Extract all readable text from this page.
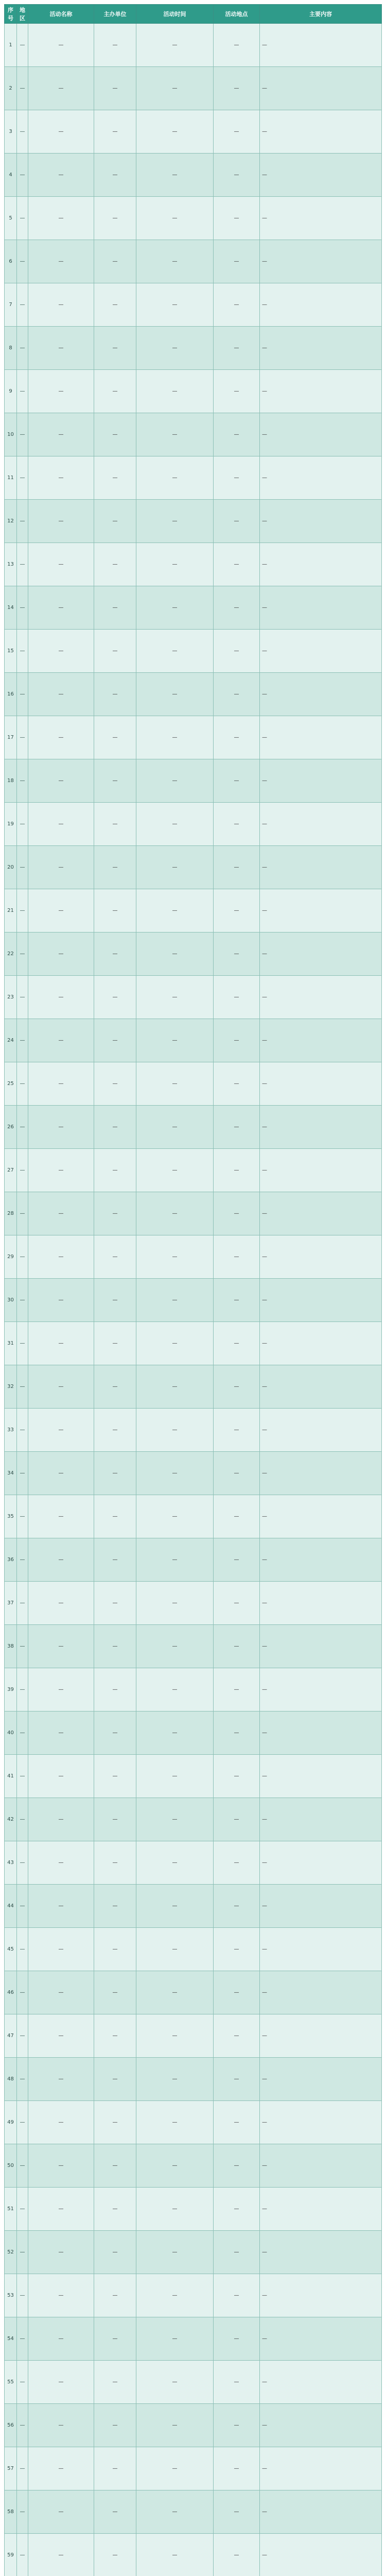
序号	地区	活动名称	主办单位	活动时间	活动地点	主要内容
1	—	—	—	—	—	—
2	—	—	—	—	—	—
3	—	—	—	—	—	—
4	—	—	—	—	—	—
5	—	—	—	—	—	—
6	—	—	—	—	—	—
7	—	—	—	—	—	—
8	—	—	—	—	—	—
9	—	—	—	—	—	—
10	—	—	—	—	—	—
11	—	—	—	—	—	—
12	—	—	—	—	—	—
13	—	—	—	—	—	—
14	—	—	—	—	—	—
15	—	—	—	—	—	—
16	—	—	—	—	—	—
17	—	—	—	—	—	—
18	—	—	—	—	—	—
19	—	—	—	—	—	—
20	—	—	—	—	—	—
21	—	—	—	—	—	—
22	—	—	—	—	—	—
23	—	—	—	—	—	—
24	—	—	—	—	—	—
25	—	—	—	—	—	—
26	—	—	—	—	—	—
27	—	—	—	—	—	—
28	—	—	—	—	—	—
29	—	—	—	—	—	—
30	—	—	—	—	—	—
31	—	—	—	—	—	—
32	—	—	—	—	—	—
33	—	—	—	—	—	—
34	—	—	—	—	—	—
35	—	—	—	—	—	—
36	—	—	—	—	—	—
37	—	—	—	—	—	—
38	—	—	—	—	—	—
39	—	—	—	—	—	—
40	—	—	—	—	—	—
41	—	—	—	—	—	—
42	—	—	—	—	—	—
43	—	—	—	—	—	—
44	—	—	—	—	—	—
45	—	—	—	—	—	—
46	—	—	—	—	—	—
47	—	—	—	—	—	—
48	—	—	—	—	—	—
49	—	—	—	—	—	—
50	—	—	—	—	—	—
51	—	—	—	—	—	—
52	—	—	—	—	—	—
53	—	—	—	—	—	—
54	—	—	—	—	—	—
55	—	—	—	—	—	—
56	—	—	—	—	—	—
57	—	—	—	—	—	—
58	—	—	—	—	—	—
59	—	—	—	—	—	—
